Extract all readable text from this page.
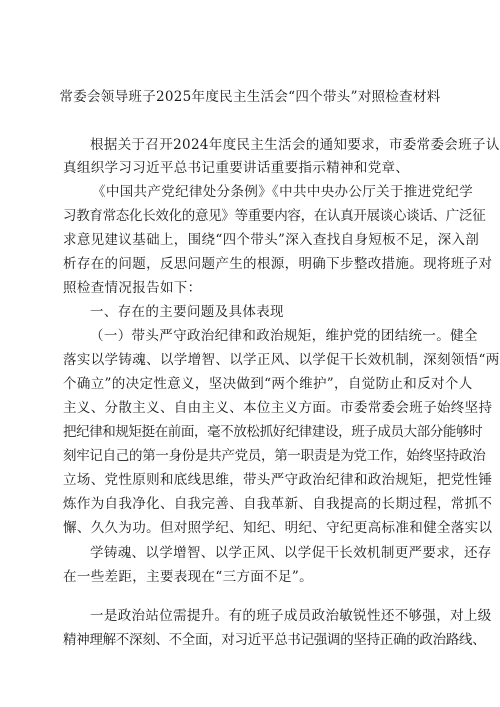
常委会领导班子2025年度民主生活会“四个带头”对照检查材料
根据关于召开2024年度民主生活会的通知要求，市委常委会班子认
真组织学习习近平总书记重要讲话重要指示精神和党章、
《中国共产党纪律处分条例》《中共中央办公厅关于推进党纪学
习教育常态化长效化的意见》等重要内容，在认真开展谈心谈话、广泛征
求意见建议基础上，围绕“四个带头”深入查找自身短板不足，深入剖
析存在的问题，反思问题产生的根源，明确下步整改措施。现将班子对
照检查情况报告如下：
一、存在的主要问题及具体表现
（一）带头严守政治纪律和政治规矩，维护党的团结统一。健全
落实以学铸魂、以学增智、以学正风、以学促干长效机制，深刻领悟“两
个确立”的决定性意义，坚决做到“两个维护”，自觉防止和反对个人
主义、分散主义、自由主义、本位主义方面。市委常委会班子始终坚持
把纪律和规矩挺在前面，毫不放松抓好纪律建设，班子成员大部分能够时
刻牢记自己的第一身份是共产党员，第一职责是为党工作，始终坚持政治
立场、党性原则和底线思维，带头严守政治纪律和政治规矩，把党性锤
炼作为自我净化、自我完善、自我革新、自我提高的长期过程，常抓不
懈、久久为功。但对照学纪、知纪、明纪、守纪更高标准和健全落实以
学铸魂、以学增智、以学正风、以学促干长效机制更严要求，还存
在一些差距，主要表现在“三方面不足”。
一是政治站位需提升。有的班子成员政治敏锐性还不够强，对上级
精神理解不深刻、不全面，对习近平总书记强调的坚持正确的政治路线、
